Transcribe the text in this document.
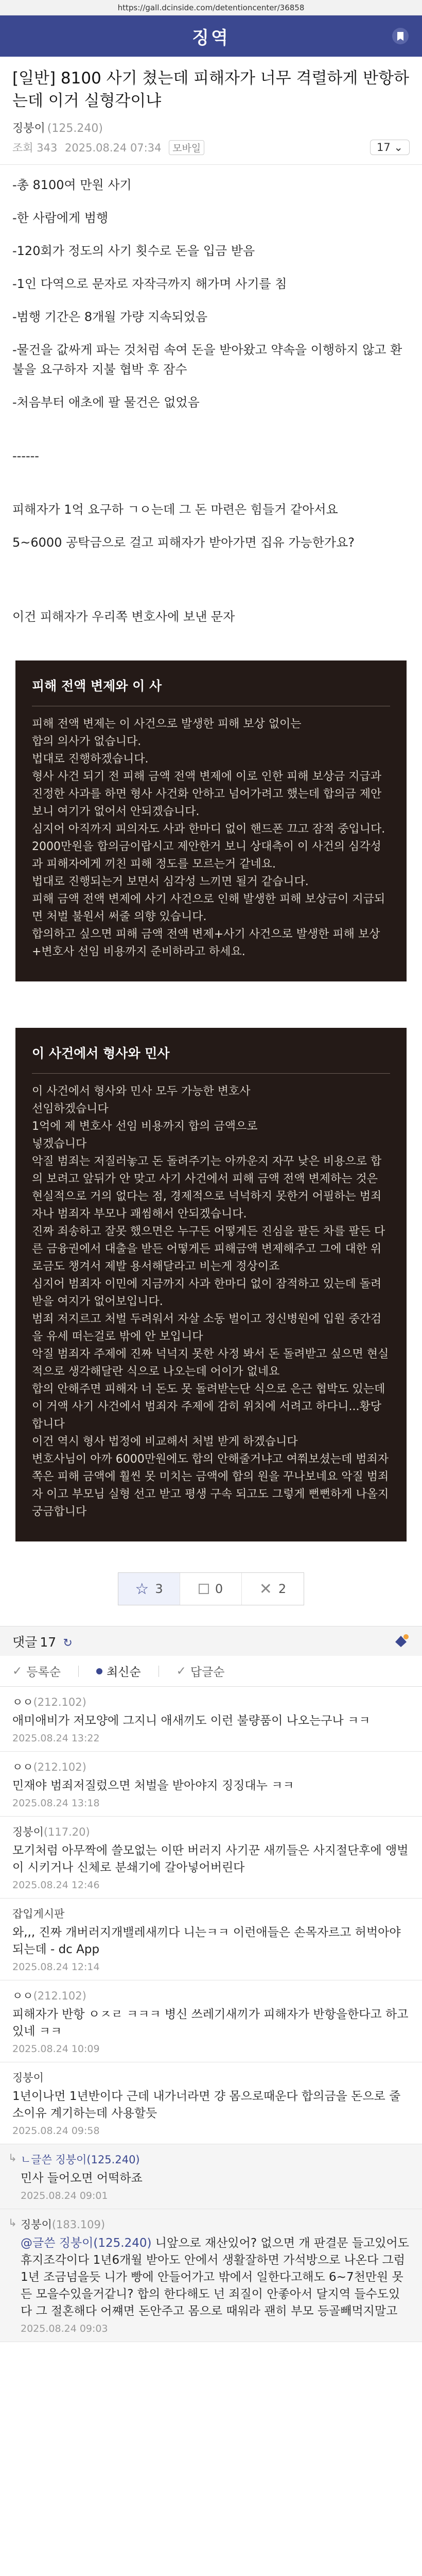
https://gall.dcinside.com/detentioncenter/36858
징역
[일반] 8100 사기 쳤는데 피해자가 너무 격렬하게 반항하는데 이거 실형각이냐
징붕이 (125.240)
조회 343 2025.08.24 07:34 모바일	17 ⌄

-총 8100여 만원 사기

-한 사람에게 범행

-120회가 정도의 사기 횟수로 돈을 입금 받음

-1인 다역으로 문자로 자작극까지 해가며 사기를 침

-범행 기간은 8개월 가량 지속되었음

-물건을 값싸게 파는 것처럼 속여 돈을 받아왔고 약속을 이행하지 않고 환불을 요구하자 지불 협박 후 잠수

-처음부터 애초에 팔 물건은 없었음

------

피해자가 1억 요구하 ㄱㅇ는데 그 돈 마련은 힘들거 같아서요

5~6000 공탁금으로 걸고 피해자가 받아가면 집유 가능한가요?

이건 피해자가 우리쪽 변호사에 보낸 문자

피해 전액 변제와 이 사
피해 전액 변제는 이 사건으로 발생한 피해 보상 없이는
합의 의사가 없습니다.
법대로 진행하겠습니다.
형사 사건 되기 전 피해 금액 전액 변제에 이로 인한 피해 보상금 지급과 진정한 사과를 하면 형사 사건화 안하고 넘어가려고 했는데 합의금 제안 보니 여기가 없어서 안되겠습니다.
심지어 아직까지 피의자도 사과 한마디 없이 핸드폰 끄고 잠적 중입니다.
2000만원을 합의금이랍시고 제안한거 보니 상대측이 이 사건의 심각성과 피해자에게 끼친 피해 정도를 모르는거 같네요.
법대로 진행되는거 보면서 심각성 느끼면 될거 같습니다.
피해 금액 전액 변제에 사기 사건으로 인해 발생한 피해 보상금이 지급되면 처벌 불원서 써줄 의향 있습니다.
합의하고 싶으면 피해 금액 전액 변제+사기 사건으로 발생한 피해 보상+변호사 선임 비용까지 준비하라고 하세요.
이 사건에서 형사와 민사
이 사건에서 형사와 민사 모두 가능한 변호사
선임하겠습니다
1억에 제 변호사 선임 비용까지 합의 금액으로
넣겠습니다
악질 범죄는 저질러놓고 돈 돌려주기는 아까운지 자꾸 낮은 비용으로 합의 보려고 앞뒤가 안 맞고 사기 사건에서 피해 금액 전액 변제하는 것은 현실적으로 거의 없다는 점, 경제적으로 넉넉하지 못한거 어필하는 범죄자나 범죄자 부모나 괘씸해서 안되겠습니다.
진짜 죄송하고 잘못 했으면은 누구든 어떻게든 진심을 팔든 차를 팔든 다른 금융권에서 대출을 받든 어떻게든 피해금액 변제해주고 그에 대한 위로금도 챙겨서 제발 용서해달라고 비는게 정상이죠
심지어 범죄자 이민에 지금까지 사과 한마디 없이 잠적하고 있는데 돌려받을 여지가 없어보입니다.
범죄 저지르고 처벌 두려워서 자살 소동 벌이고 정신병원에 입원 중간검을 유세 떠는걸로 밖에 안 보입니다
악질 범죄자 주제에 진짜 넉넉지 못한 사정 봐서 돈 돌려받고 싶으면 현실적으로 생각해달란 식으로 나오는데 어이가 없네요
합의 안해주면 피해자 너 돈도 못 돌려받는단 식으로 은근 협박도 있는데 이 거액 사기 사건에서 범죄자 주제에 감히 위치에 서려고 하다니...황당합니다
이건 역시 형사 법정에 비교해서 처벌 받게 하겠습니다
변호사님이 아까 6000만원에도 합의 안해줄거냐고 여쭤보셨는데 범죄자 쪽은 피해 금액에 훨씬 못 미치는 금액에 합의 원을 꾸나보네요 악질 범죄자 이고 부모님 실형 선고 받고 평생 구속 되고도 그렇게 뻔뻔하게 나올지 궁금합니다
☆ 3	0 ✕ 2
댓글 17 ↻
✓ 등록순	최신순	✓ 답글순
ㅇㅇ(212.102)
애미애비가 저모양에 그지니 애새끼도 이런 불량품이 나오는구나 ㅋㅋ
2025.08.24 13:22
ㅇㅇ(212.102)
민재야 범죄저질렀으면 처벌을 받아야지 징징대누 ㅋㅋ
2025.08.24 13:18
징붕이(117.20)
모기처럼 아무짝에 쓸모없는 이딴 버러지 사기꾼 새끼들은 사지절단후에 앵벌이 시키거나 신체로 분쇄기에 갈아넣어버린다
2025.08.24 12:46
잡입게시판
와,,, 진짜 개버러지개밸레새끼다 니는ㅋㅋ 이런애들은 손목자르고 허벅아야되는데 - dc App
2025.08.24 12:14
ㅇㅇ(212.102)
피해자가 반항 ㅇㅈㄹ ㅋㅋㅋ 병신 쓰레기새끼가 피해자가 반항을한다고 하고있네 ㅋㅋ
2025.08.24 10:09
징붕이
1년이나먼 1년반이다 근데 내가너라면 걍 몸으로때운다 합의금을 돈으로 줄소이유 계기하는데 사용할듯
2025.08.24 09:58
↳ ㄴ글쓴 징붕이(125.240)
민사 들어오면 어떡하죠
2025.08.24 09:01
↳ 징붕이(183.109)
@글쓴 징붕이(125.240) 니앞으로 재산있어? 없으면 개 판결문 들고있어도 휴지조각이다 1년6개월 받아도 안에서 생활잘하면 가석방으로 나온다 그럼 1년 조금넘을듯 니가 빵에 안들어가고 밖에서 일한다고해도 6~7천만원 못든 모을수있을거같니? 합의 한다해도 넌 죄질이 안좋아서 달지역 들수도있다 그 절혼해다 어쨰면 돈안주고 몸으로 때워라 괜히 부모 등골빼먹지말고
2025.08.24 09:03
